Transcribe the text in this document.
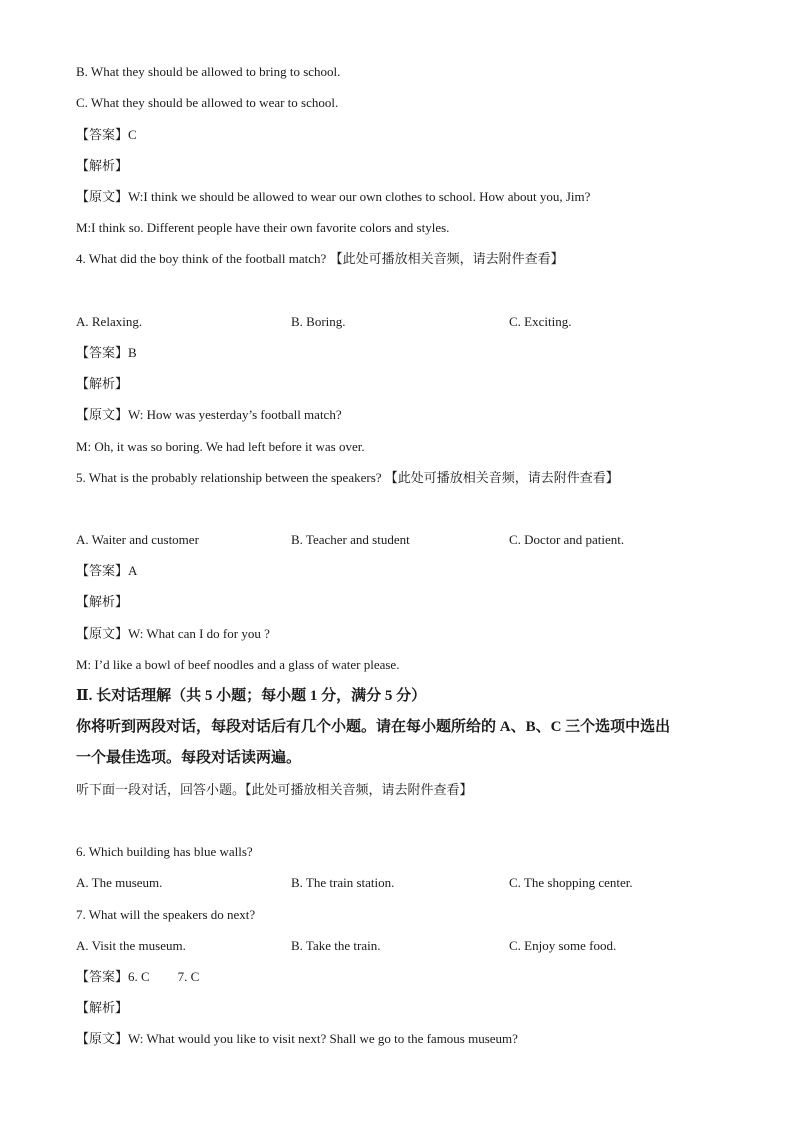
B. What they should be allowed to bring to school.
C. What they should be allowed to wear to school.
【答案】C
【解析】
【原文】W:I think we should be allowed to wear our own clothes to school. How about you, Jim?
M:I think so. Different people have their own favorite colors and styles.
4. What did the boy think of the football match? 【此处可播放相关音频，请去附件查看】
A. Relaxing.	B. Boring.	C. Exciting.
【答案】B
【解析】
【原文】W: How was yesterday’s football match?
M: Oh, it was so boring. We had left before it was over.
5. What is the probably relationship between the speakers? 【此处可播放相关音频，请去附件查看】
A. Waiter and customer	B. Teacher and student	C. Doctor and patient.
【答案】A
【解析】
【原文】W: What can I do for you ?
M: I’d like a bowl of beef noodles and a glass of water please.
Ⅱ. 长对话理解（共 5 小题；每小题 1 分，满分 5 分）
你将听到两段对话，每段对话后有几个小题。请在每小题所给的 A、B、C 三个选项中选出
一个最佳选项。每段对话读两遍。
听下面一段对话，回答小题。【此处可播放相关音频，请去附件查看】
6. Which building has blue walls?
A. The museum.	B. The train station.	C. The shopping center.
7. What will the speakers do next?
A. Visit the museum.	B. Take the train.	C. Enjoy some food.
【答案】6. C 7. C
【解析】
【原文】W: What would you like to visit next? Shall we go to the famous museum?
